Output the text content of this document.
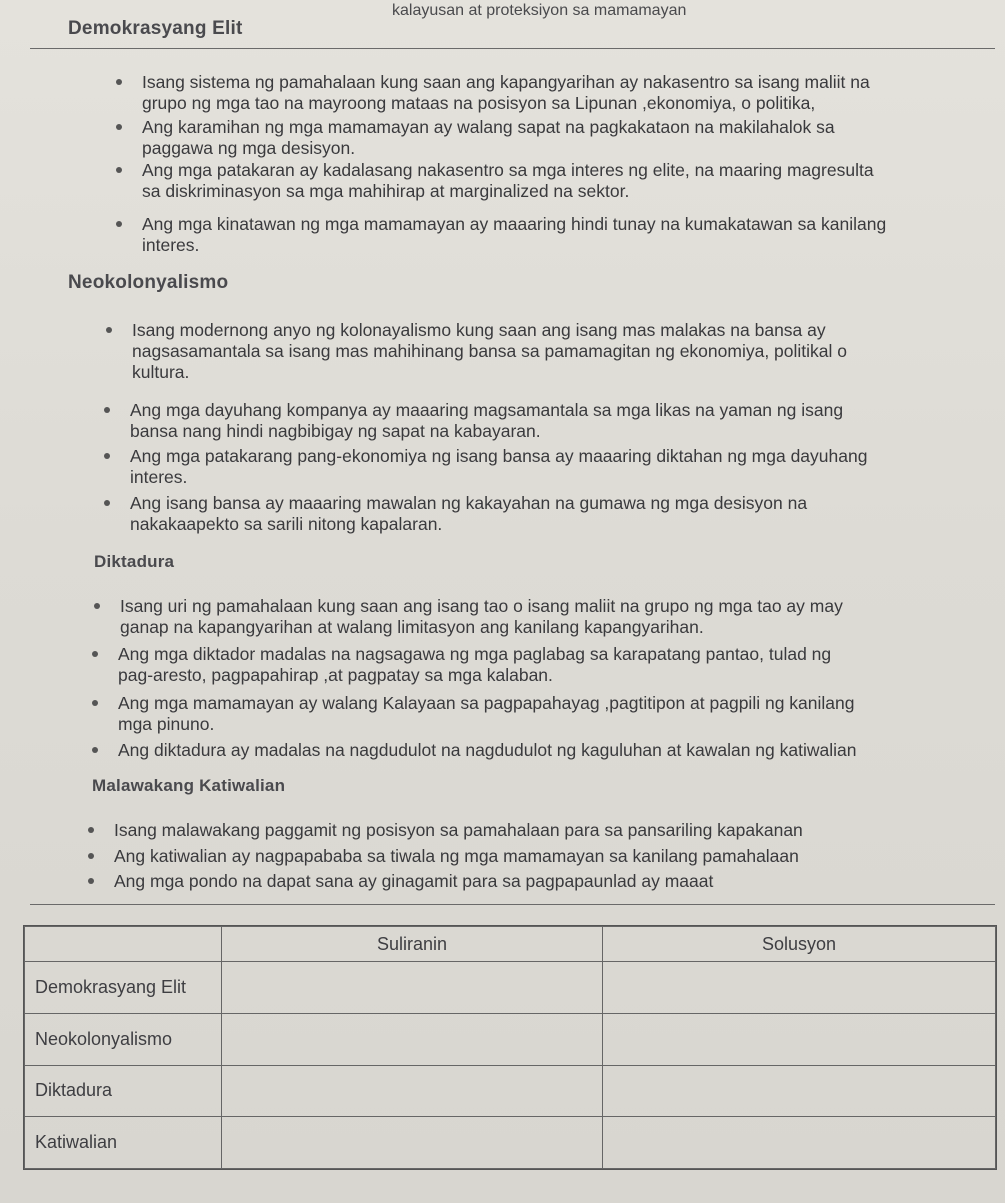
kalayusan at proteksiyon sa mamamayan
Demokrasyang Elit
Isang sistema ng pamahalaan kung saan ang kapangyarihan ay nakasentro sa isang maliit na
grupo ng mga tao na mayroong mataas na posisyon sa Lipunan ,ekonomiya, o politika,
Ang karamihan ng mga mamamayan ay walang sapat na pagkakataon na makilahalok sa
paggawa ng mga desisyon.
Ang mga patakaran ay kadalasang nakasentro sa mga interes ng elite, na maaring magresulta
sa diskriminasyon sa mga mahihirap at marginalized na sektor.
Ang mga kinatawan ng mga mamamayan ay maaaring hindi tunay na kumakatawan sa kanilang
interes.
Neokolonyalismo
Isang modernong anyo ng kolonayalismo kung saan ang isang mas malakas na bansa ay
nagsasamantala sa isang mas mahihinang bansa sa pamamagitan ng ekonomiya, politikal o
kultura.
Ang mga dayuhang kompanya ay maaaring magsamantala sa mga likas na yaman ng isang
bansa nang hindi nagbibigay ng sapat na kabayaran.
Ang mga patakarang pang-ekonomiya ng isang bansa ay maaaring diktahan ng mga dayuhang
interes.
Ang isang bansa ay maaaring mawalan ng kakayahan na gumawa ng mga desisyon na
nakakaapekto sa sarili nitong kapalaran.
Diktadura
Isang uri ng pamahalaan kung saan ang isang tao o isang maliit na grupo ng mga tao ay may
ganap na kapangyarihan at walang limitasyon ang kanilang kapangyarihan.
Ang mga diktador madalas na nagsagawa ng mga paglabag sa karapatang pantao, tulad ng
pag-aresto, pagpapahirap ,at pagpatay sa mga kalaban.
Ang mga mamamayan ay walang Kalayaan sa pagpapahayag ,pagtitipon at pagpili ng kanilang
mga pinuno.
Ang diktadura ay madalas na nagdudulot na nagdudulot ng kaguluhan at kawalan ng katiwalian
Malawakang Katiwalian
Isang malawakang paggamit ng posisyon sa pamahalaan para sa pansariling kapakanan
Ang katiwalian ay nagpapababa sa tiwala ng mga mamamayan sa kanilang pamahalaan
Ang mga pondo na dapat sana ay ginagamit para sa pagpapaunlad ay maaat
	Suliranin	Solusyon
Demokrasyang Elit		
Neokolonyalismo		
Diktadura		
Katiwalian		
